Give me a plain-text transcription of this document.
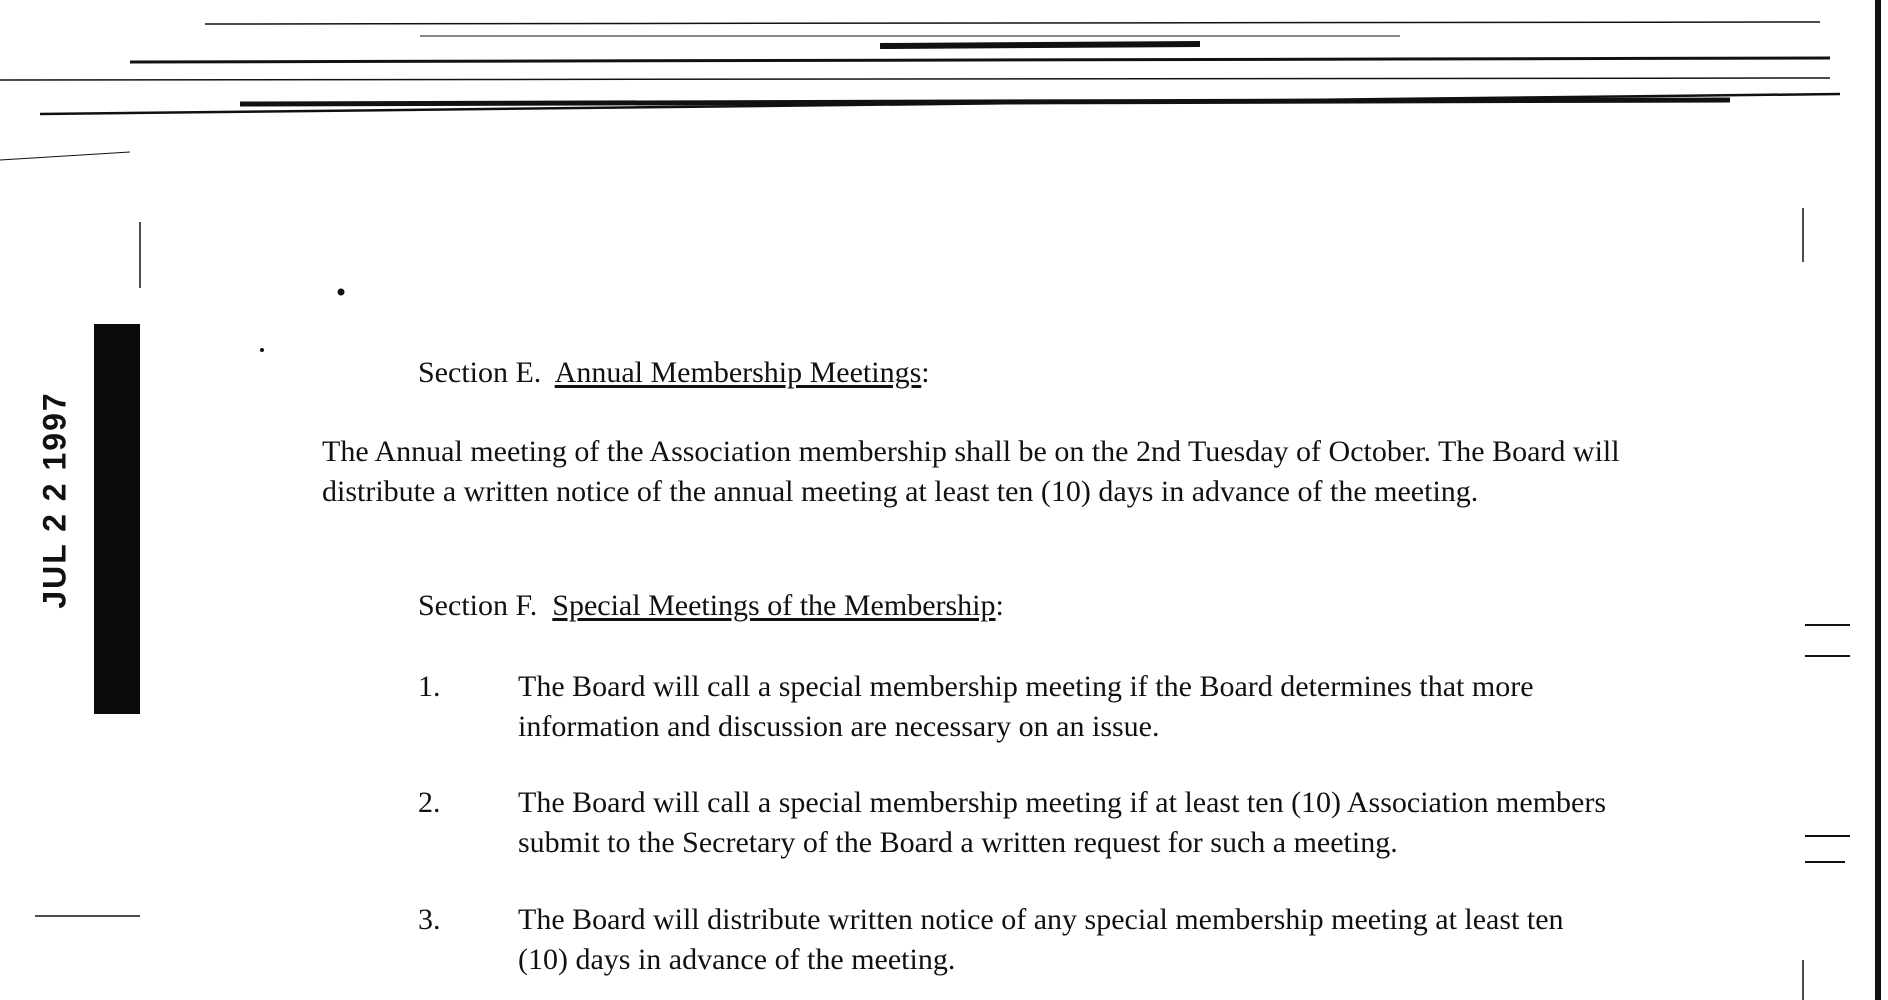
JUL 2 2 1997
Section E. Annual Membership Meetings:
The Annual meeting of the Association membership shall be on the 2nd Tuesday of October. The Board will distribute a written notice of the annual meeting at least ten (10) days in advance of the meeting.
Section F. Special Meetings of the Membership:
1.	The Board will call a special membership meeting if the Board determines that more information and discussion are necessary on an issue.
2.	The Board will call a special membership meeting if at least ten (10) Association members submit to the Secretary of the Board a written request for such a meeting.
3.	The Board will distribute written notice of any special membership meeting at least ten (10) days in advance of the meeting.
